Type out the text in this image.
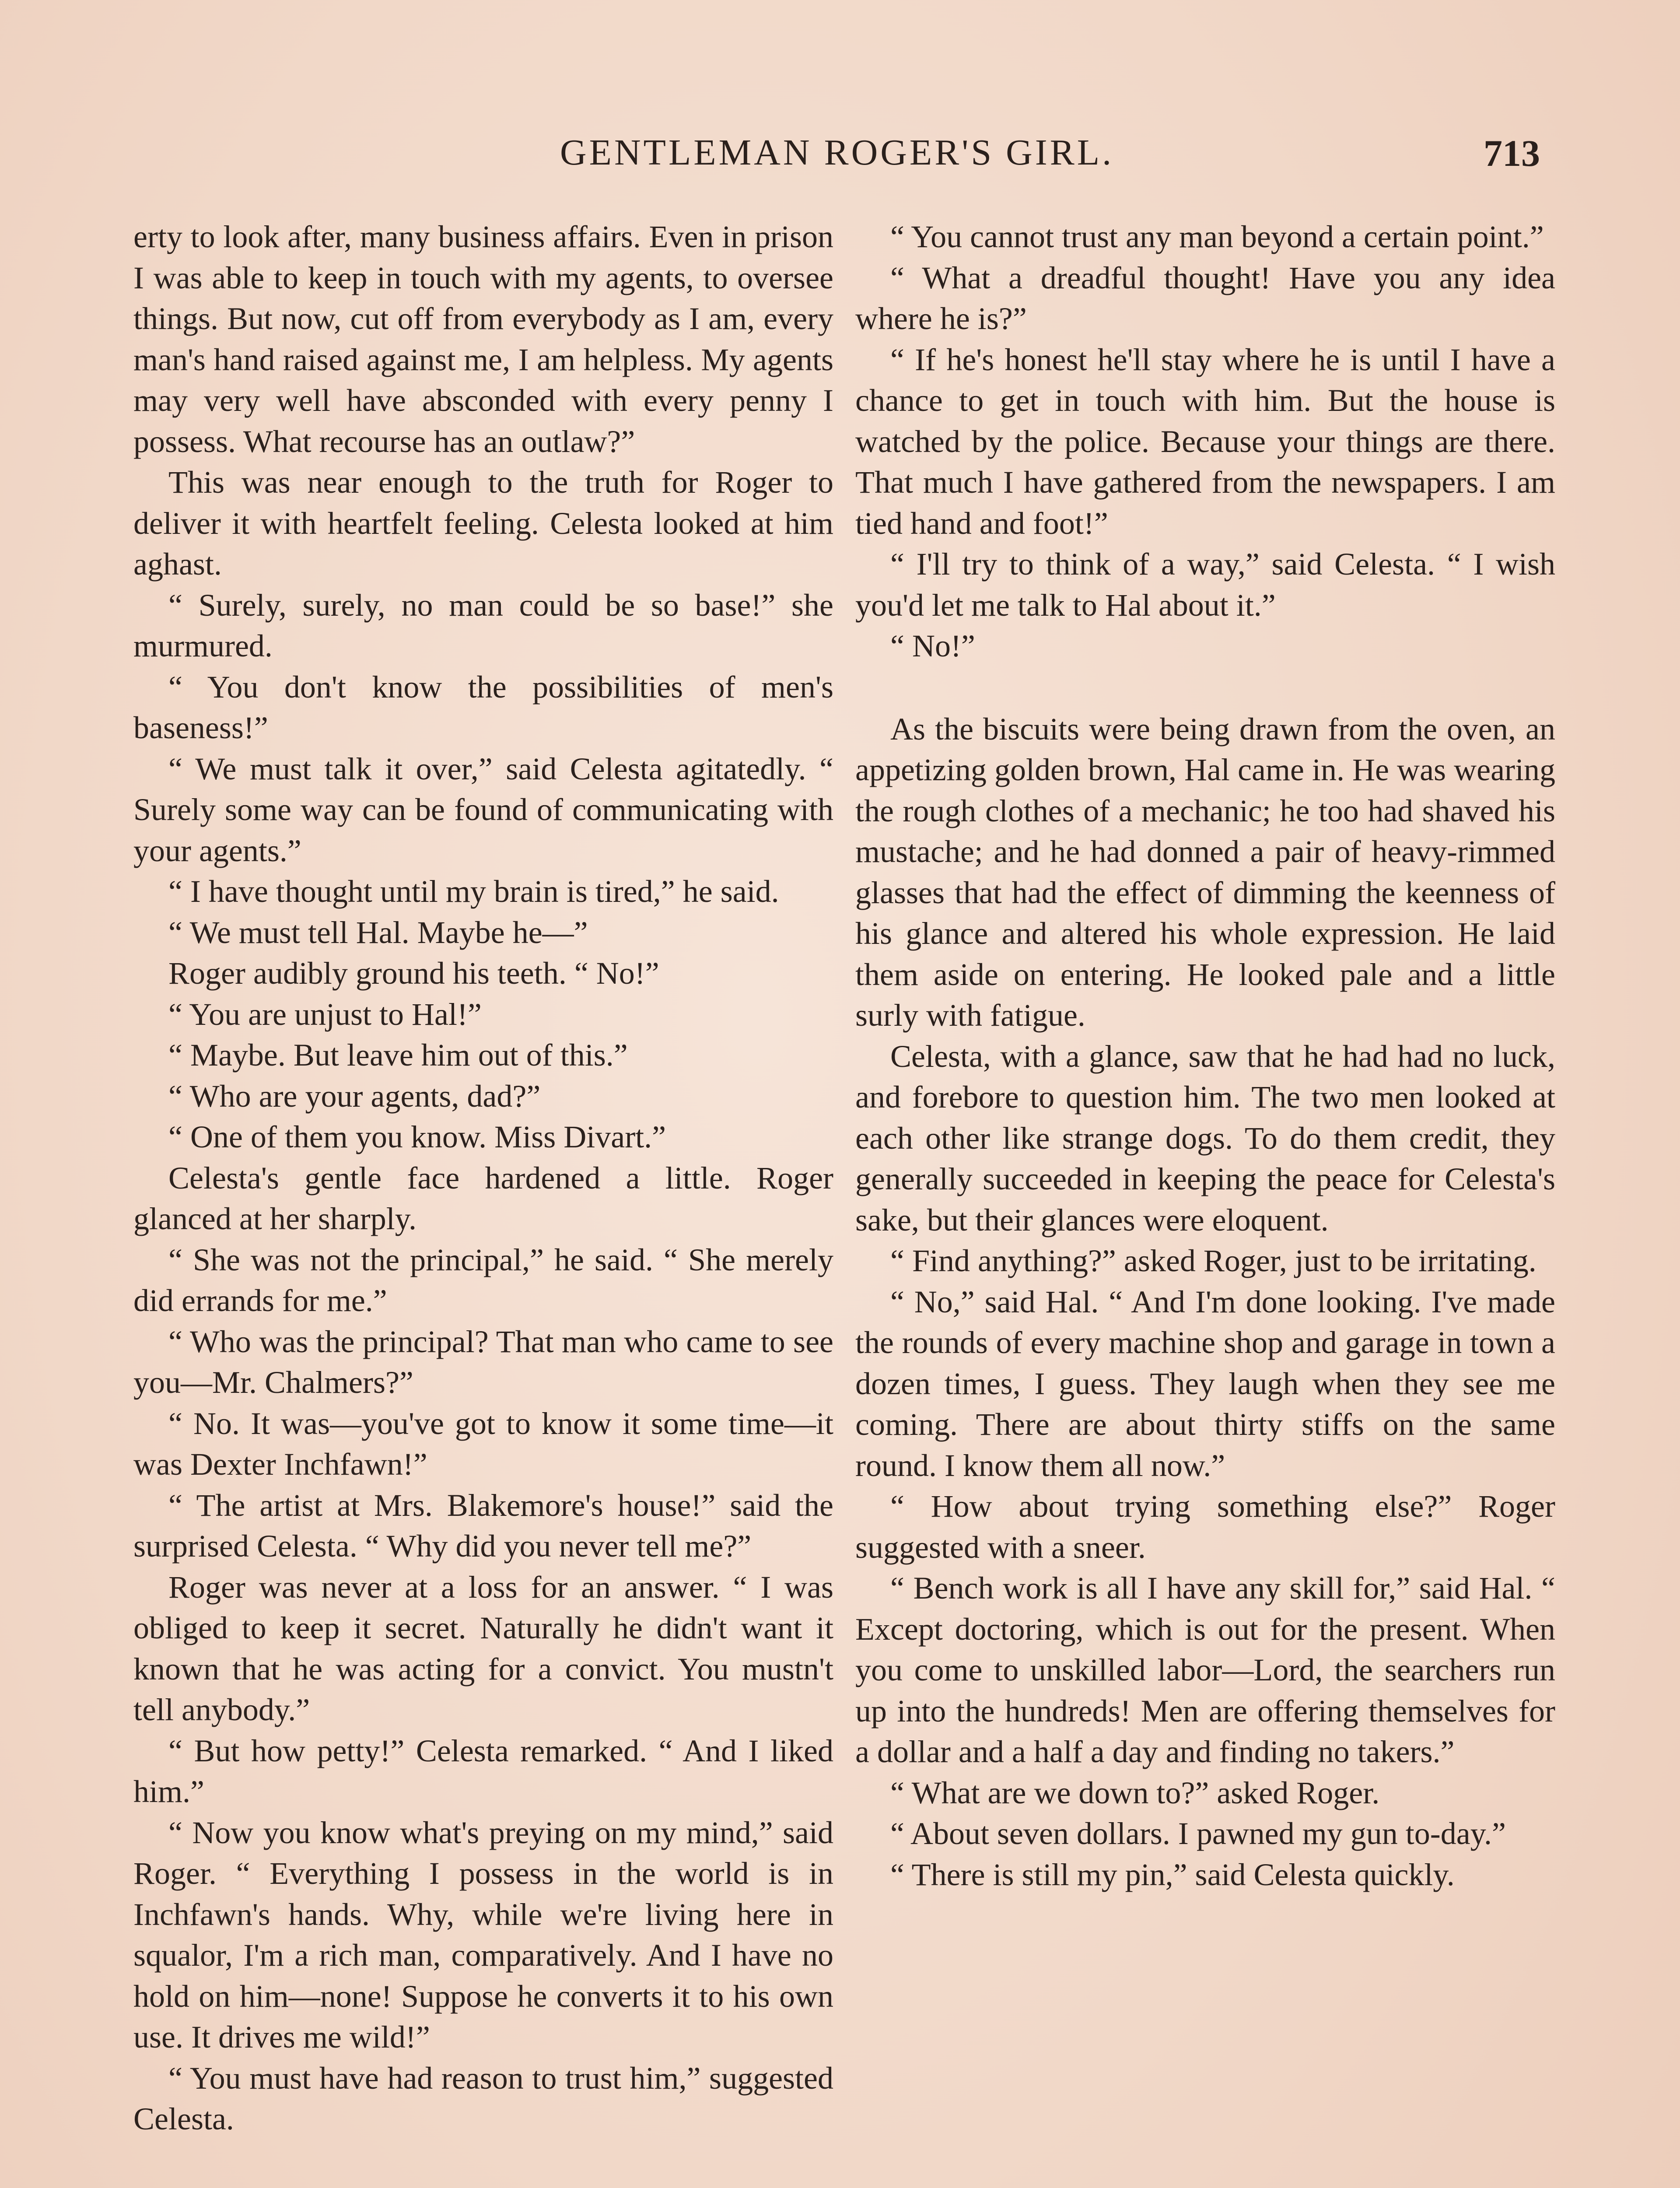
GENTLEMAN ROGER'S GIRL.	713

erty to look after, many business affairs. Even in prison I was able to keep in touch with my agents, to oversee things. But now, cut off from everybody as I am, every man's hand raised against me, I am helpless. My agents may very well have absconded with every penny I possess. What recourse has an outlaw?”

This was near enough to the truth for Roger to deliver it with heartfelt feeling. Celesta looked at him aghast.

“ Surely, surely, no man could be so base!” she murmured.

“ You don't know the possibilities of men's baseness!”

“ We must talk it over,” said Celesta agitatedly. “ Surely some way can be found of communicating with your agents.”

“ I have thought until my brain is tired,” he said.

“ We must tell Hal. Maybe he—”

Roger audibly ground his teeth. “ No!”

“ You are unjust to Hal!”

“ Maybe. But leave him out of this.”

“ Who are your agents, dad?”

“ One of them you know. Miss Divart.”

Celesta's gentle face hardened a little. Roger glanced at her sharply.

“ She was not the principal,” he said. “ She merely did errands for me.”

“ Who was the principal? That man who came to see you—Mr. Chalmers?”

“ No. It was—you've got to know it some time—it was Dexter Inchfawn!”

“ The artist at Mrs. Blakemore's house!” said the surprised Celesta. “ Why did you never tell me?”

Roger was never at a loss for an answer. “ I was obliged to keep it secret. Naturally he didn't want it known that he was acting for a convict. You mustn't tell anybody.”

“ But how petty!” Celesta remarked. “ And I liked him.”

“ Now you know what's preying on my mind,” said Roger. “ Everything I possess in the world is in Inchfawn's hands. Why, while we're living here in squalor, I'm a rich man, comparatively. And I have no hold on him—none! Suppose he converts it to his own use. It drives me wild!”

“ You must have had reason to trust him,” suggested Celesta.

“ You cannot trust any man beyond a certain point.”

“ What a dreadful thought! Have you any idea where he is?”

“ If he's honest he'll stay where he is until I have a chance to get in touch with him. But the house is watched by the police. Because your things are there. That much I have gathered from the newspapers. I am tied hand and foot!”

“ I'll try to think of a way,” said Celesta. “ I wish you'd let me talk to Hal about it.”

“ No!”

As the biscuits were being drawn from the oven, an appetizing golden brown, Hal came in. He was wearing the rough clothes of a mechanic; he too had shaved his mustache; and he had donned a pair of heavy-rimmed glasses that had the effect of dimming the keenness of his glance and altered his whole expression. He laid them aside on entering. He looked pale and a little surly with fatigue.

Celesta, with a glance, saw that he had had no luck, and forebore to question him. The two men looked at each other like strange dogs. To do them credit, they generally succeeded in keeping the peace for Celesta's sake, but their glances were eloquent.

“ Find anything?” asked Roger, just to be irritating.

“ No,” said Hal. “ And I'm done looking. I've made the rounds of every machine shop and garage in town a dozen times, I guess. They laugh when they see me coming. There are about thirty stiffs on the same round. I know them all now.”

“ How about trying something else?” Roger suggested with a sneer.

“ Bench work is all I have any skill for,” said Hal. “ Except doctoring, which is out for the present. When you come to unskilled labor—Lord, the searchers run up into the hundreds! Men are offering themselves for a dollar and a half a day and finding no takers.”

“ What are we down to?” asked Roger.

“ About seven dollars. I pawned my gun to-day.”

“ There is still my pin,” said Celesta quickly.
